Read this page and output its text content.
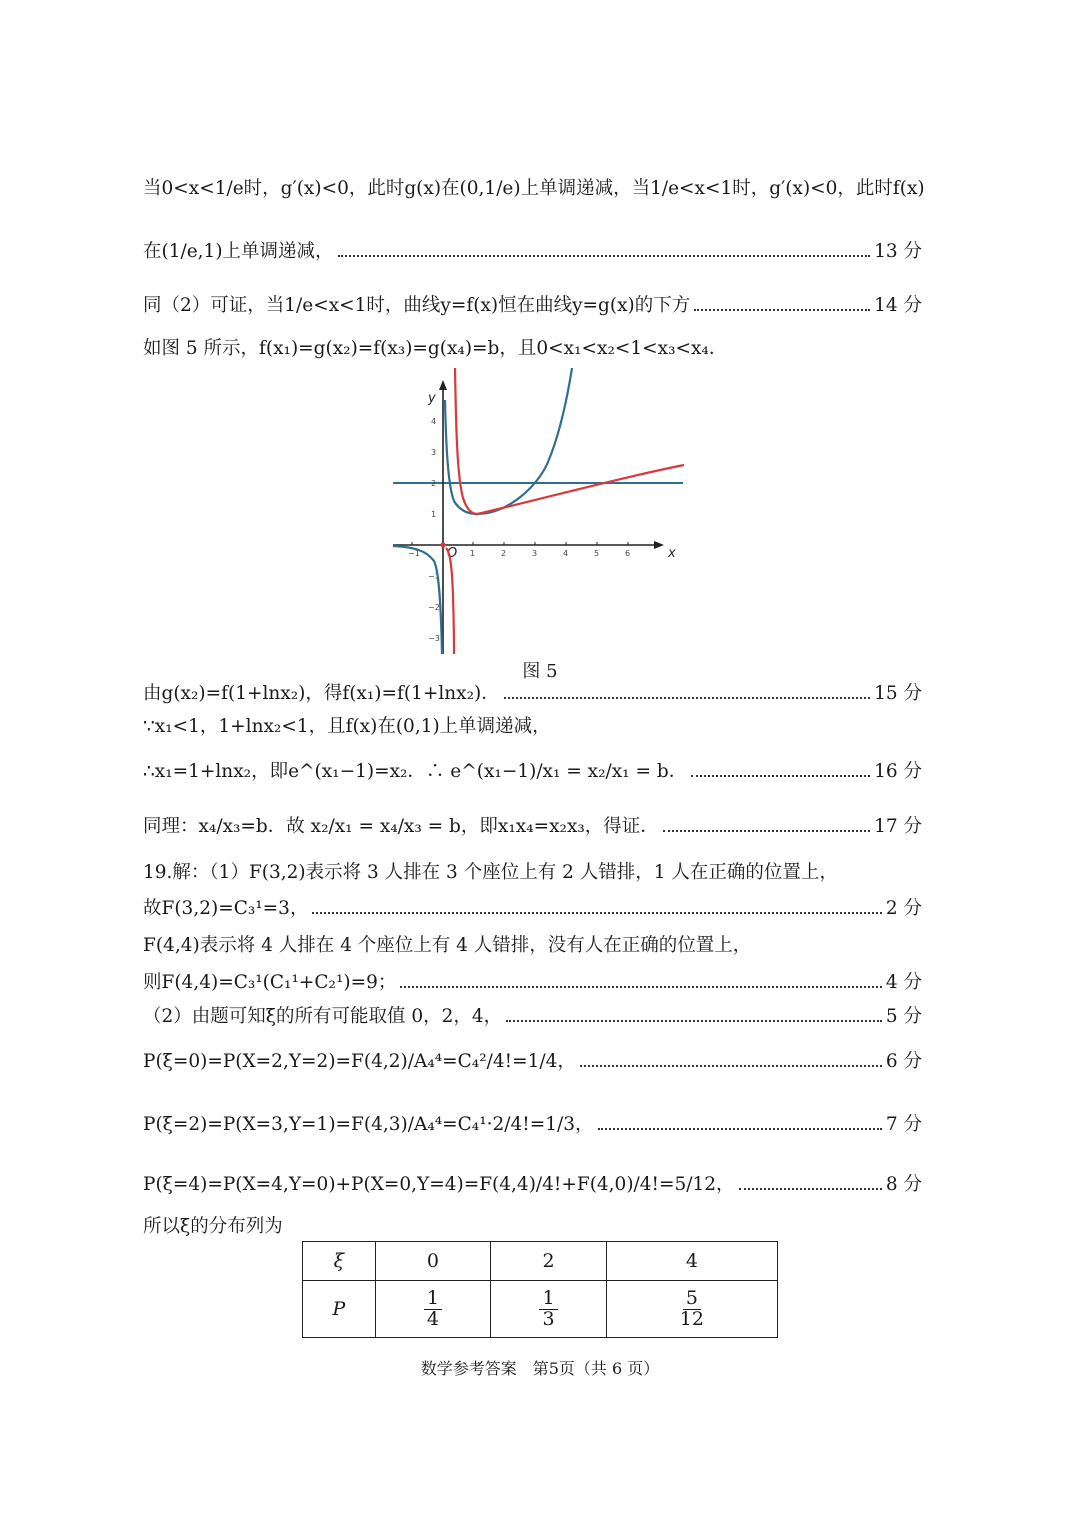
当0<x<1/e时，g′(x)<0，此时g(x)在(0,1/e)上单调递减，当1/e<x<1时，g′(x)<0，此时f(x)
在(1/e,1)上单调递减，	13 分
同（2）可证，当1/e<x<1时，曲线y=f(x)恒在曲线y=g(x)的下方	14 分
如图 5 所示，f(x₁)=g(x₂)=f(x₃)=g(x₄)=b，且0<x₁<x₂<1<x₃<x₄．
−1	1	2	3	4	5	6
4
3
2
1
−1
−2
−3
y
x
O
图 5
由g(x₂)=f(1+lnx₂)，得f(x₁)=f(1+lnx₂)．	15 分
∵x₁<1，1+lnx₂<1，且f(x)在(0,1)上单调递减，
∴x₁=1+lnx₂，即e^(x₁−1)=x₂．∴ e^(x₁−1)/x₁ = x₂/x₁ = b．	16 分
同理：x₄/x₃=b．故 x₂/x₁ = x₄/x₃ = b，即x₁x₄=x₂x₃，得证．	17 分
19.解：（1）F(3,2)表示将 3 人排在 3 个座位上有 2 人错排，1 人在正确的位置上，
故F(3,2)=C₃¹=3，	2 分
F(4,4)表示将 4 人排在 4 个座位上有 4 人错排，没有人在正确的位置上，
则F(4,4)=C₃¹(C₁¹+C₂¹)=9；	4 分
（2）由题可知ξ的所有可能取值 0，2，4，	5 分
P(ξ=0)=P(X=2,Y=2)=F(4,2)/A₄⁴=C₄²/4!=1/4，	6 分
P(ξ=2)=P(X=3,Y=1)=F(4,3)/A₄⁴=C₄¹·2/4!=1/3，	7 分
P(ξ=4)=P(X=4,Y=0)+P(X=0,Y=4)=F(4,4)/4!+F(4,0)/4!=5/12，	8 分
所以ξ的分布列为
ξ	0	2	4
P	$\frac{1}{4}$	$\frac{1}{3}$	$\frac{5}{12}$
数学参考答案　第5页（共 6 页）
